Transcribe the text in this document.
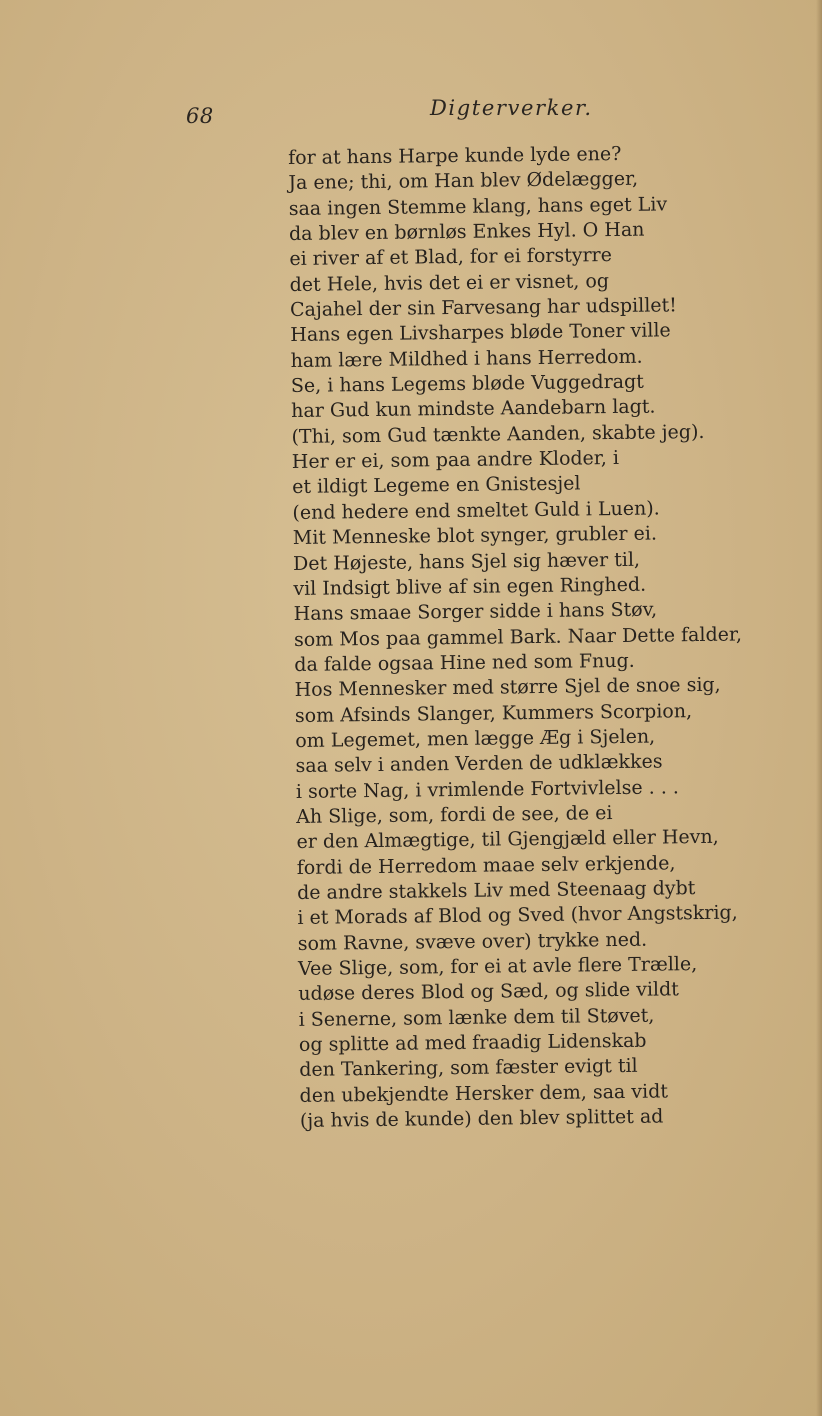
68	Digterverker.
for at hans Harpe kunde lyde ene?
Ja ene; thi, om Han blev Ødelægger,
saa ingen Stemme klang, hans eget Liv
da blev en børnløs Enkes Hyl. O Han
ei river af et Blad, for ei forstyrre
det Hele, hvis det ei er visnet, og
Cajahel der sin Farvesang har udspillet!
Hans egen Livsharpes bløde Toner ville
ham lære Mildhed i hans Herredom.
Se, i hans Legems bløde Vuggedragt
har Gud kun mindste Aandebarn lagt.
(Thi, som Gud tænkte Aanden, skabte jeg).
Her er ei, som paa andre Kloder, i
et ildigt Legeme en Gnistesjel
(end hedere end smeltet Guld i Luen).
Mit Menneske blot synger, grubler ei.
Det Højeste, hans Sjel sig hæver til,
vil Indsigt blive af sin egen Ringhed.
Hans smaae Sorger sidde i hans Støv,
som Mos paa gammel Bark. Naar Dette falder,
da falde ogsaa Hine ned som Fnug.
Hos Mennesker med større Sjel de snoe sig,
som Afsinds Slanger, Kummers Scorpion,
om Legemet, men lægge Æg i Sjelen,
saa selv i anden Verden de udklækkes
i sorte Nag, i vrimlende Fortvivlelse . . .
Ah Slige, som, fordi de see, de ei
er den Almægtige, til Gjengjæld eller Hevn,
fordi de Herredom maae selv erkjende,
de andre stakkels Liv med Steenaag dybt
i et Morads af Blod og Sved (hvor Angstskrig,
som Ravne, svæve over) trykke ned.
Vee Slige, som, for ei at avle flere Trælle,
udøse deres Blod og Sæd, og slide vildt
i Senerne, som lænke dem til Støvet,
og splitte ad med fraadig Lidenskab
den Tankering, som fæster evigt til
den ubekjendte Hersker dem, saa vidt
(ja hvis de kunde) den blev splittet ad
